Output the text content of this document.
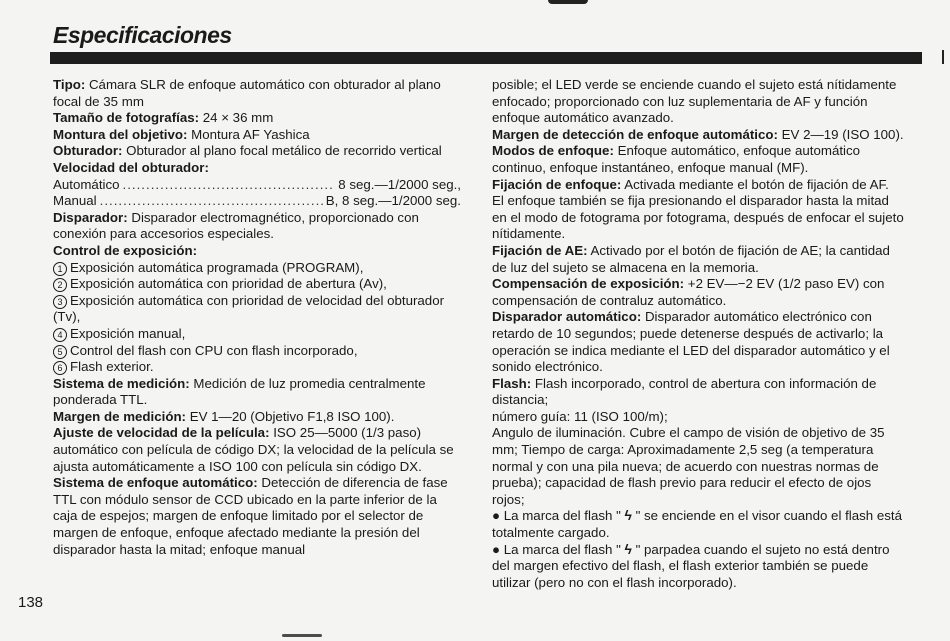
Especificaciones

Tipo: Cámara SLR de enfoque automático con obturador al plano focal de 35 mm

Tamaño de fotografías: 24 × 36 mm

Montura del objetivo: Montura AF Yashica

Obturador: Obturador al plano focal metálico de recorrido vertical

Velocidad del obturador:

Automático .....	8 seg.—1/2000 seg.,
Manual .....	B, 8 seg.—1/2000 seg.

Disparador: Disparador electromagnético, proporcionado con conexión para accesorios especiales.

Control de exposición:

1 Exposición automática programada (PROGRAM),

2 Exposición automática con prioridad de abertura (Av),

3 Exposición automática con prioridad de velocidad del obturador (Tv),

4 Exposición manual,

5 Control del flash con CPU con flash incorporado,

6 Flash exterior.

Sistema de medición: Medición de luz promedia centralmente ponderada TTL.

Margen de medición: EV 1—20 (Objetivo F1,8 ISO 100).

Ajuste de velocidad de la película: ISO 25—5000 (1/3 paso) automático con película de código DX; la velocidad de la película se ajusta automáticamente a ISO 100 con película sin código DX.

Sistema de enfoque automático: Detección de diferencia de fase TTL con módulo sensor de CCD ubicado en la parte inferior de la caja de espejos; margen de enfoque limitado por el selector de margen de enfoque, enfoque afectado mediante la presión del disparador hasta la mitad; enfoque manual

posible; el LED verde se enciende cuando el sujeto está nítidamente enfocado; proporcionado con luz suplementaria de AF y función enfoque automático avanzado.

Margen de detección de enfoque automático: EV 2—19 (ISO 100).

Modos de enfoque: Enfoque automático, enfoque automático continuo, enfoque instantáneo, enfoque manual (MF).

Fijación de enfoque: Activada mediante el botón de fijación de AF. El enfoque también se fija presionando el disparador hasta la mitad en el modo de fotograma por fotograma, después de enfocar el sujeto nítidamente.

Fijación de AE: Activado por el botón de fijación de AE; la cantidad de luz del sujeto se almacena en la memoria.

Compensación de exposición: +2 EV—−2 EV (1/2 paso EV) con compensación de contraluz automático.

Disparador automático: Disparador automático electrónico con retardo de 10 segundos; puede detenerse después de activarlo; la operación se indica mediante el LED del disparador automático y el sonido electrónico.

Flash: Flash incorporado, control de abertura con información de distancia;

número guía: 11 (ISO 100/m);

Angulo de iluminación. Cubre el campo de visión de objetivo de 35 mm; Tiempo de carga: Aproximadamente 2,5 seg (a temperatura normal y con una pila nueva; de acuerdo con nuestras normas de prueba); capacidad de flash previo para reducir el efecto de ojos rojos;

● La marca del flash " ϟ " se enciende en el visor cuando el flash está totalmente cargado.

● La marca del flash " ϟ " parpadea cuando el sujeto no está dentro del margen efectivo del flash, el flash exterior también se puede utilizar (pero no con el flash incorporado).

138
